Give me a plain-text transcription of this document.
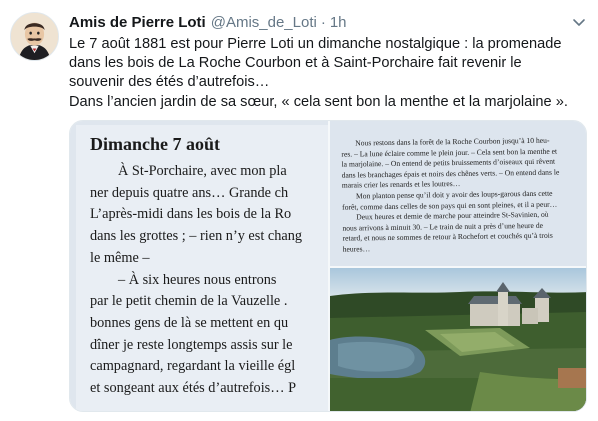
Amis de Pierre Loti @Amis_de_Loti · 1h

Le 7 août 1881 est pour Pierre Loti un dimanche nostalgique : la promenade

dans les bois de La Roche Courbon et à Saint-Porchaire fait revenir le

souvenir des étés d’autrefois…

Dans l’ancien jardin de sa sœur, « cela sent bon la menthe et la marjolaine ».

Dimanche 7 août
À St-Porchaire, avec mon pla
ner depuis quatre ans… Grande ch
L’après-midi dans les bois de la Ro
dans les grottes ; – rien n’y est chang
le même –
– À six heures nous entrons
par le petit chemin de la Vauzelle .
bonnes gens de là se mettent en qu
dîner je reste longtemps assis sur le
campagnard, regardant la vieille égl
et songeant aux étés d’autrefois… P
Nous restons dans la forêt de la Roche Courbon jusqu’à 10 heu-
res. – La lune éclaire comme le plein jour. – Cela sent bon la menthe et
la marjolaine. – On entend de petits bruissements d’oiseaux qui rêvent
dans les branchages épais et noirs des chênes verts. – On entend dans le
marais crier les renards et les loutres…
Mon planton pense qu’il doit y avoir des loups-garous dans cette
forêt, comme dans celles de son pays qui en sont pleines, et il a peur…
Deux heures et demie de marche pour atteindre St-Savinien, où
nous arrivons à minuit 30. – Le train de nuit a près d’une heure de
retard, et nous ne sommes de retour à Rochefort et couchés qu’à trois
heures…
